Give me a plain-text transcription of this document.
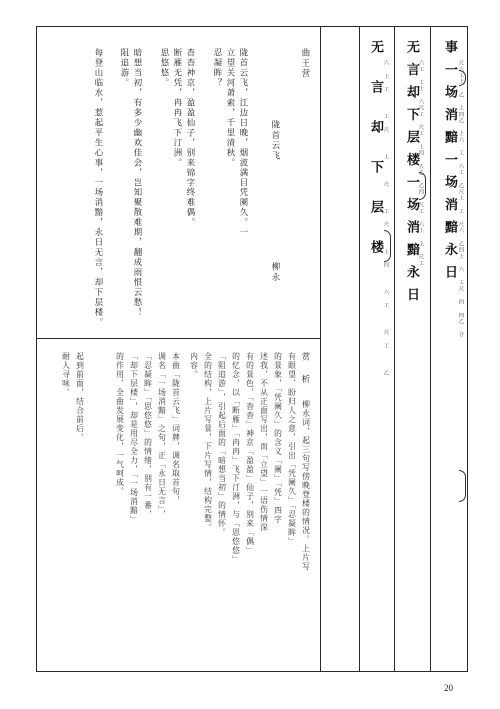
事一场消黯一场消黯永日 尺六工上 乙 上四乙 上六 工 六工 乙尺上 工 尺六 乙四上 六 工尺 四 四乙 合
无言却下层楼一场消黯永日 六工 工上 六尺工 尺工 上四 五乙 乙四 尺工 六上 上 尺工
无言却下层楼 六上工 工尺 上 尺 工尺 上四 六工 尺工 乙
曲王营
陇首云飞
柳永
陇首云飞，江边日晚，烟波满目凭阑久。一
立望关河萧索，千里清秋。
忍凝眸？
杳杳神京，盈盈仙子，别来锦字终难偶。
断雁无凭，冉冉飞下汀洲。
思悠悠。
暗想当初，有多少幽欢佳会，岂知聚散难期，翻成雨恨云愁！
阻追游。
每登山临水，惹起平生心事，一场消黯，永日无言，却下层楼。
赏析
柳永词，起三句写傍晚登楼的情况。上片写
有眼望，盼归人之意，引出「凭阑久」「忍凝眸」
的景象，「凭阑久」的含义「阑」「凭」四字
述我，不从正面写出，而「立望」一语伤情深
有的景色，「杳杳」神京「盈盈」仙子，别来「偶」
的忆念，以「断雁」「冉冉」飞下汀洲，与「思悠悠」
「阻追游」，引起后面的「暗想当初」的情怀。
全的结构，上片写景，下片写情，结构完整。
内容。
本曲「陇首云飞」词牌，调名取首句，
调名「一场消黯」之句，正「永日无言」，
「忍凝眸」「思悠悠」的情绪，别有一番，
「却下层楼」，却是用尽全力，「一场消黯」
的作用，全曲发展变化，一气呵成。
起到前面，结合前后。
耐人寻味。
20
